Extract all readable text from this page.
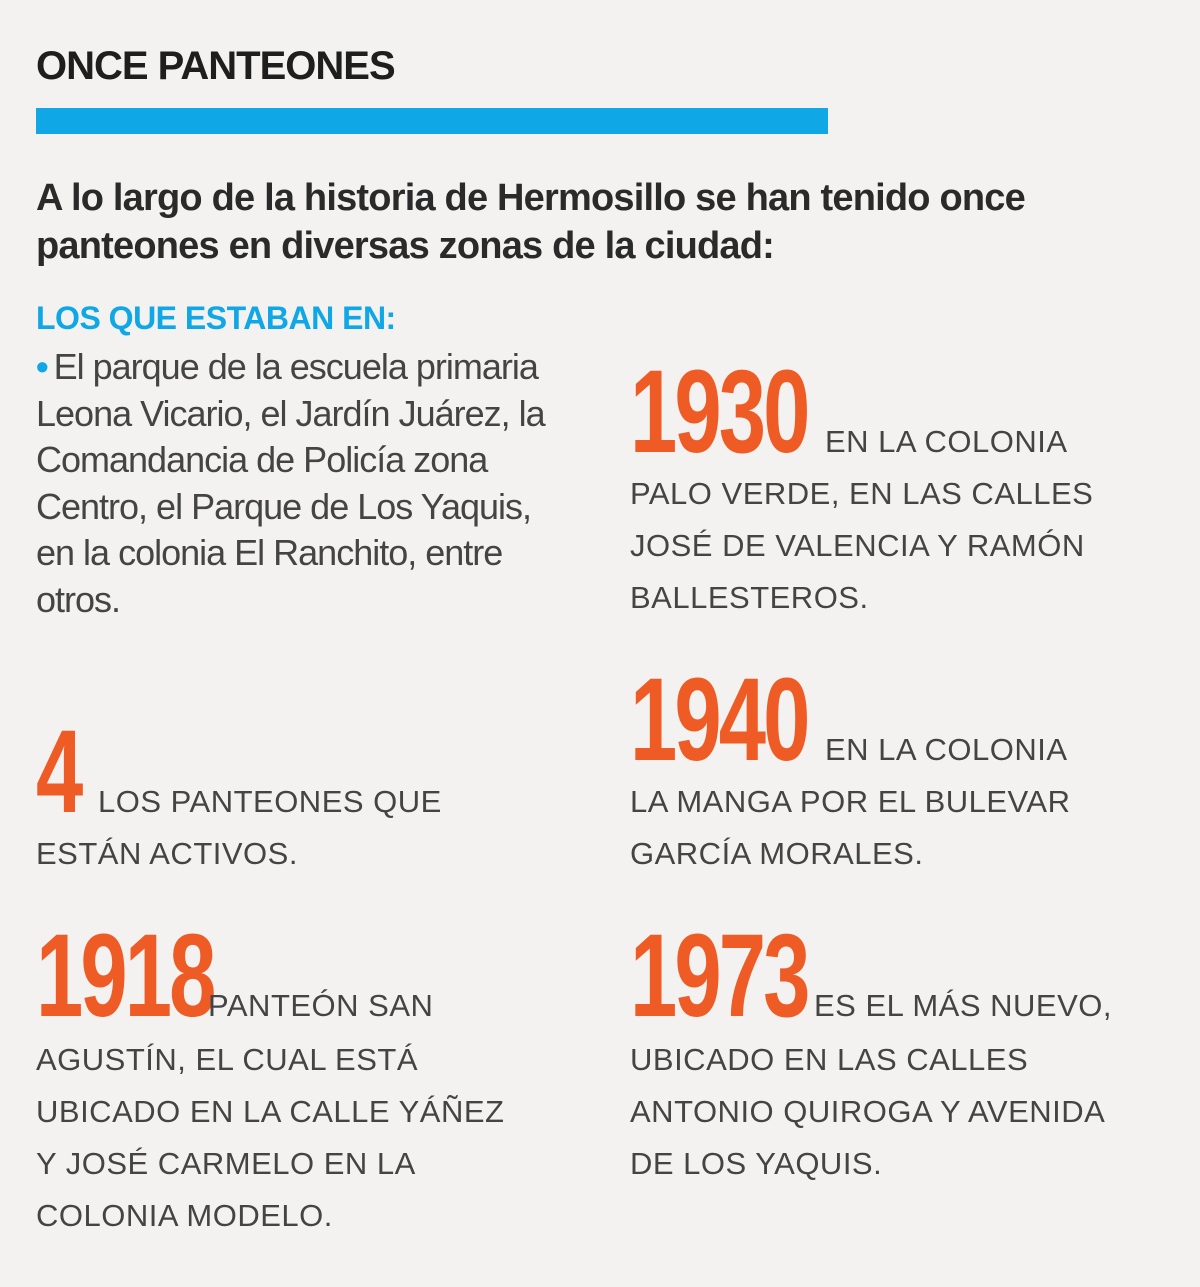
ONCE PANTEONES
A lo largo de la historia de Hermosillo se han tenido once panteones en diversas zonas de la ciudad:
LOS QUE ESTABAN EN:
• El parque de la escuela primaria Leona Vicario, el Jardín Juárez, la Comandancia de Policía zona Centro, el Parque de Los Yaquis, en la colonia El Ranchito, entre otros.
4 LOS PANTEONES QUE
ESTÁN ACTIVOS.
1918
PANTEÓN SAN
AGUSTÍN, EL CUAL ESTÁ
UBICADO EN LA CALLE YÁÑEZ
Y JOSÉ CARMELO EN LA
COLONIA MODELO.
1930 EN LA COLONIA
PALO VERDE, EN LAS CALLES
JOSÉ DE VALENCIA Y RAMÓN
BALLESTEROS.
1940 EN LA COLONIA
LA MANGA POR EL BULEVAR
GARCÍA MORALES.
1973 ES EL MÁS NUEVO,
UBICADO EN LAS CALLES
ANTONIO QUIROGA Y AVENIDA
DE LOS YAQUIS.
